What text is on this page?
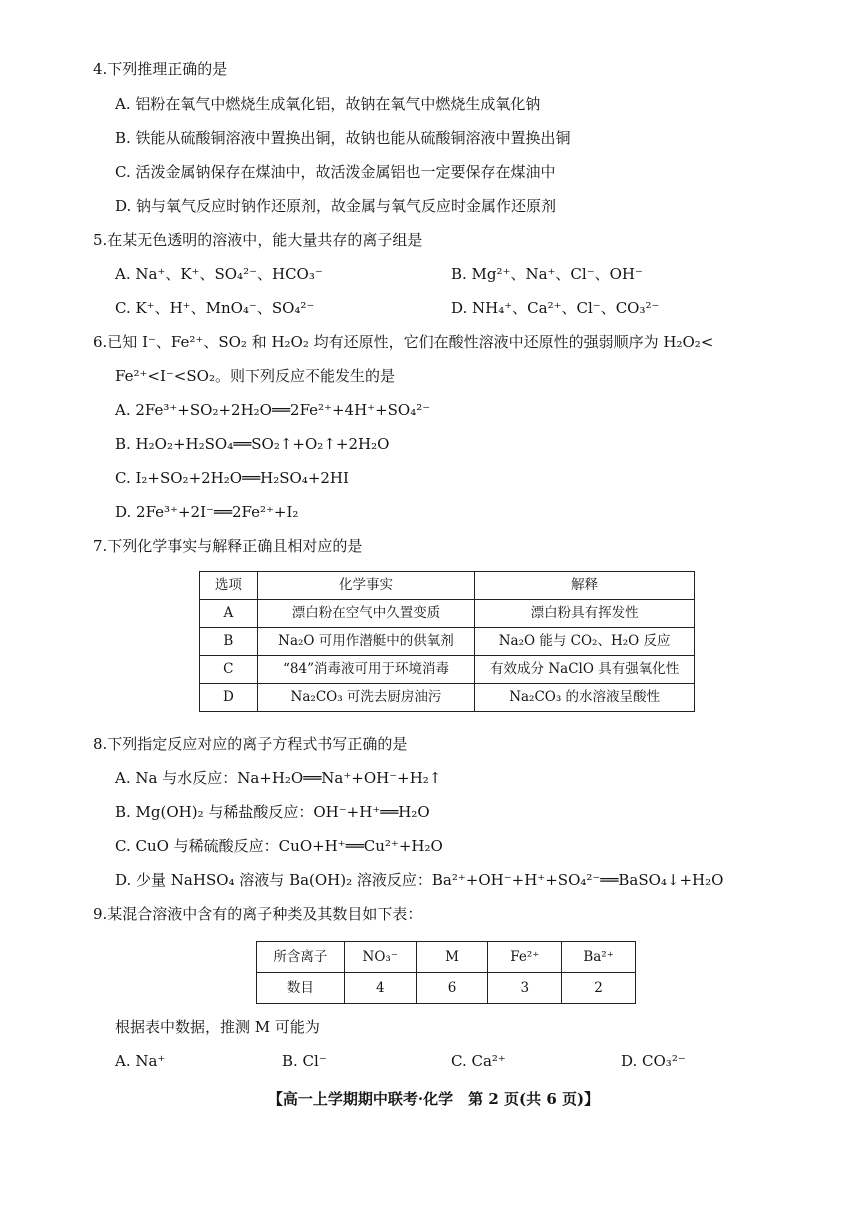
4.下列推理正确的是
A. 铝粉在氧气中燃烧生成氧化铝，故钠在氧气中燃烧生成氧化钠
B. 铁能从硫酸铜溶液中置换出铜，故钠也能从硫酸铜溶液中置换出铜
C. 活泼金属钠保存在煤油中，故活泼金属铝也一定要保存在煤油中
D. 钠与氧气反应时钠作还原剂，故金属与氧气反应时金属作还原剂
5.在某无色透明的溶液中，能大量共存的离子组是
A. Na⁺、K⁺、SO₄²⁻、HCO₃⁻	B. Mg²⁺、Na⁺、Cl⁻、OH⁻
C. K⁺、H⁺、MnO₄⁻、SO₄²⁻	D. NH₄⁺、Ca²⁺、Cl⁻、CO₃²⁻
6.已知 I⁻、Fe²⁺、SO₂ 和 H₂O₂ 均有还原性，它们在酸性溶液中还原性的强弱顺序为 H₂O₂<
Fe²⁺<I⁻<SO₂。则下列反应不能发生的是
A. 2Fe³⁺+SO₂+2H₂O══2Fe²⁺+4H⁺+SO₄²⁻
B. H₂O₂+H₂SO₄══SO₂↑+O₂↑+2H₂O
C. I₂+SO₂+2H₂O══H₂SO₄+2HI
D. 2Fe³⁺+2I⁻══2Fe²⁺+I₂
7.下列化学事实与解释正确且相对应的是
选项	化学事实	解释
A	漂白粉在空气中久置变质	漂白粉具有挥发性
B	Na₂O 可用作潜艇中的供氧剂	Na₂O 能与 CO₂、H₂O 反应
C	“84”消毒液可用于环境消毒	有效成分 NaClO 具有强氧化性
D	Na₂CO₃ 可洗去厨房油污	Na₂CO₃ 的水溶液呈酸性
8.下列指定反应对应的离子方程式书写正确的是
A. Na 与水反应：Na+H₂O══Na⁺+OH⁻+H₂↑
B. Mg(OH)₂ 与稀盐酸反应：OH⁻+H⁺══H₂O
C. CuO 与稀硫酸反应：CuO+H⁺══Cu²⁺+H₂O
D. 少量 NaHSO₄ 溶液与 Ba(OH)₂ 溶液反应：Ba²⁺+OH⁻+H⁺+SO₄²⁻══BaSO₄↓+H₂O
9.某混合溶液中含有的离子种类及其数目如下表：
所含离子	NO₃⁻	M	Fe²⁺	Ba²⁺
数目	4	6	3	2
根据表中数据，推测 M 可能为
A. Na⁺	B. Cl⁻	C. Ca²⁺	D. CO₃²⁻
【高一上学期期中联考·化学　第 2 页(共 6 页)】
